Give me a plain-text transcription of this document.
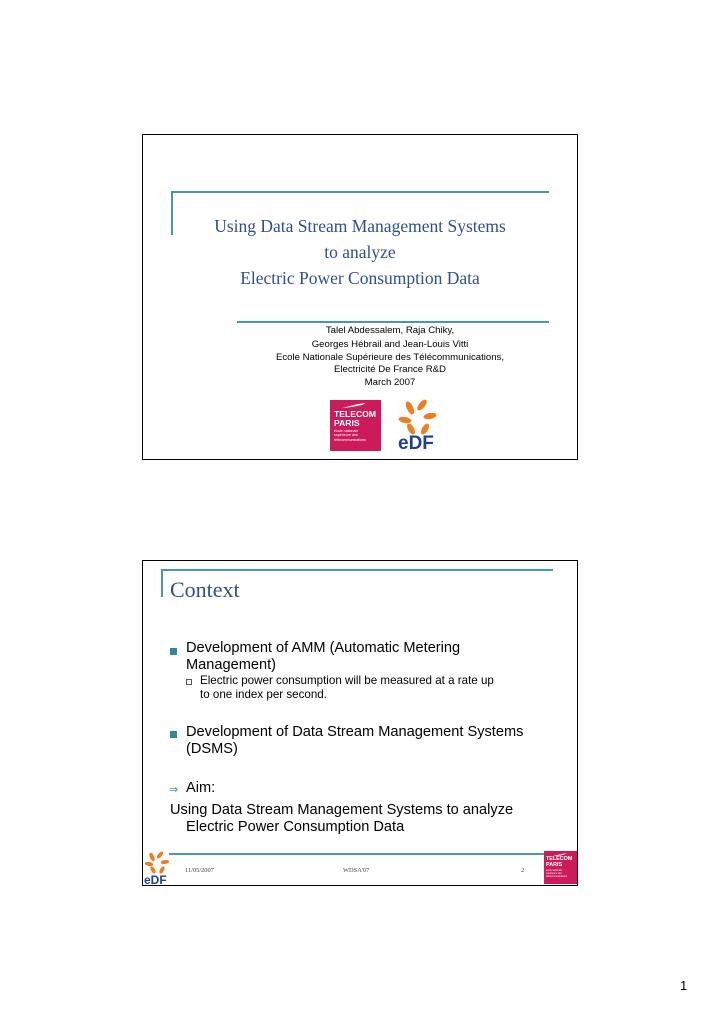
Using Data Stream Management Systems
to analyze
Electric Power Consumption Data
Talel Abdessalem, Raja Chiky,
Georges Hébrail and Jean-Louis Vitti
Ecole Nationale Supérieure des Télécommunications,
Electricité De France R&D
March 2007
TELECOM
PARIS
école nationale
supérieure des
télécommunications eDF
Context
Development of AMM (Automatic Metering
Management)
Electric power consumption will be measured at a rate up
to one index per second.
Development of Data Stream Management Systems
(DSMS)
⇒ Aim:
Using Data Stream Management Systems to analyze
Electric Power Consumption Data
11/05/2007	WDSA'07	2
eDF
TELECOM
PARIS
école nationale
supérieure des
télécommunications
1
